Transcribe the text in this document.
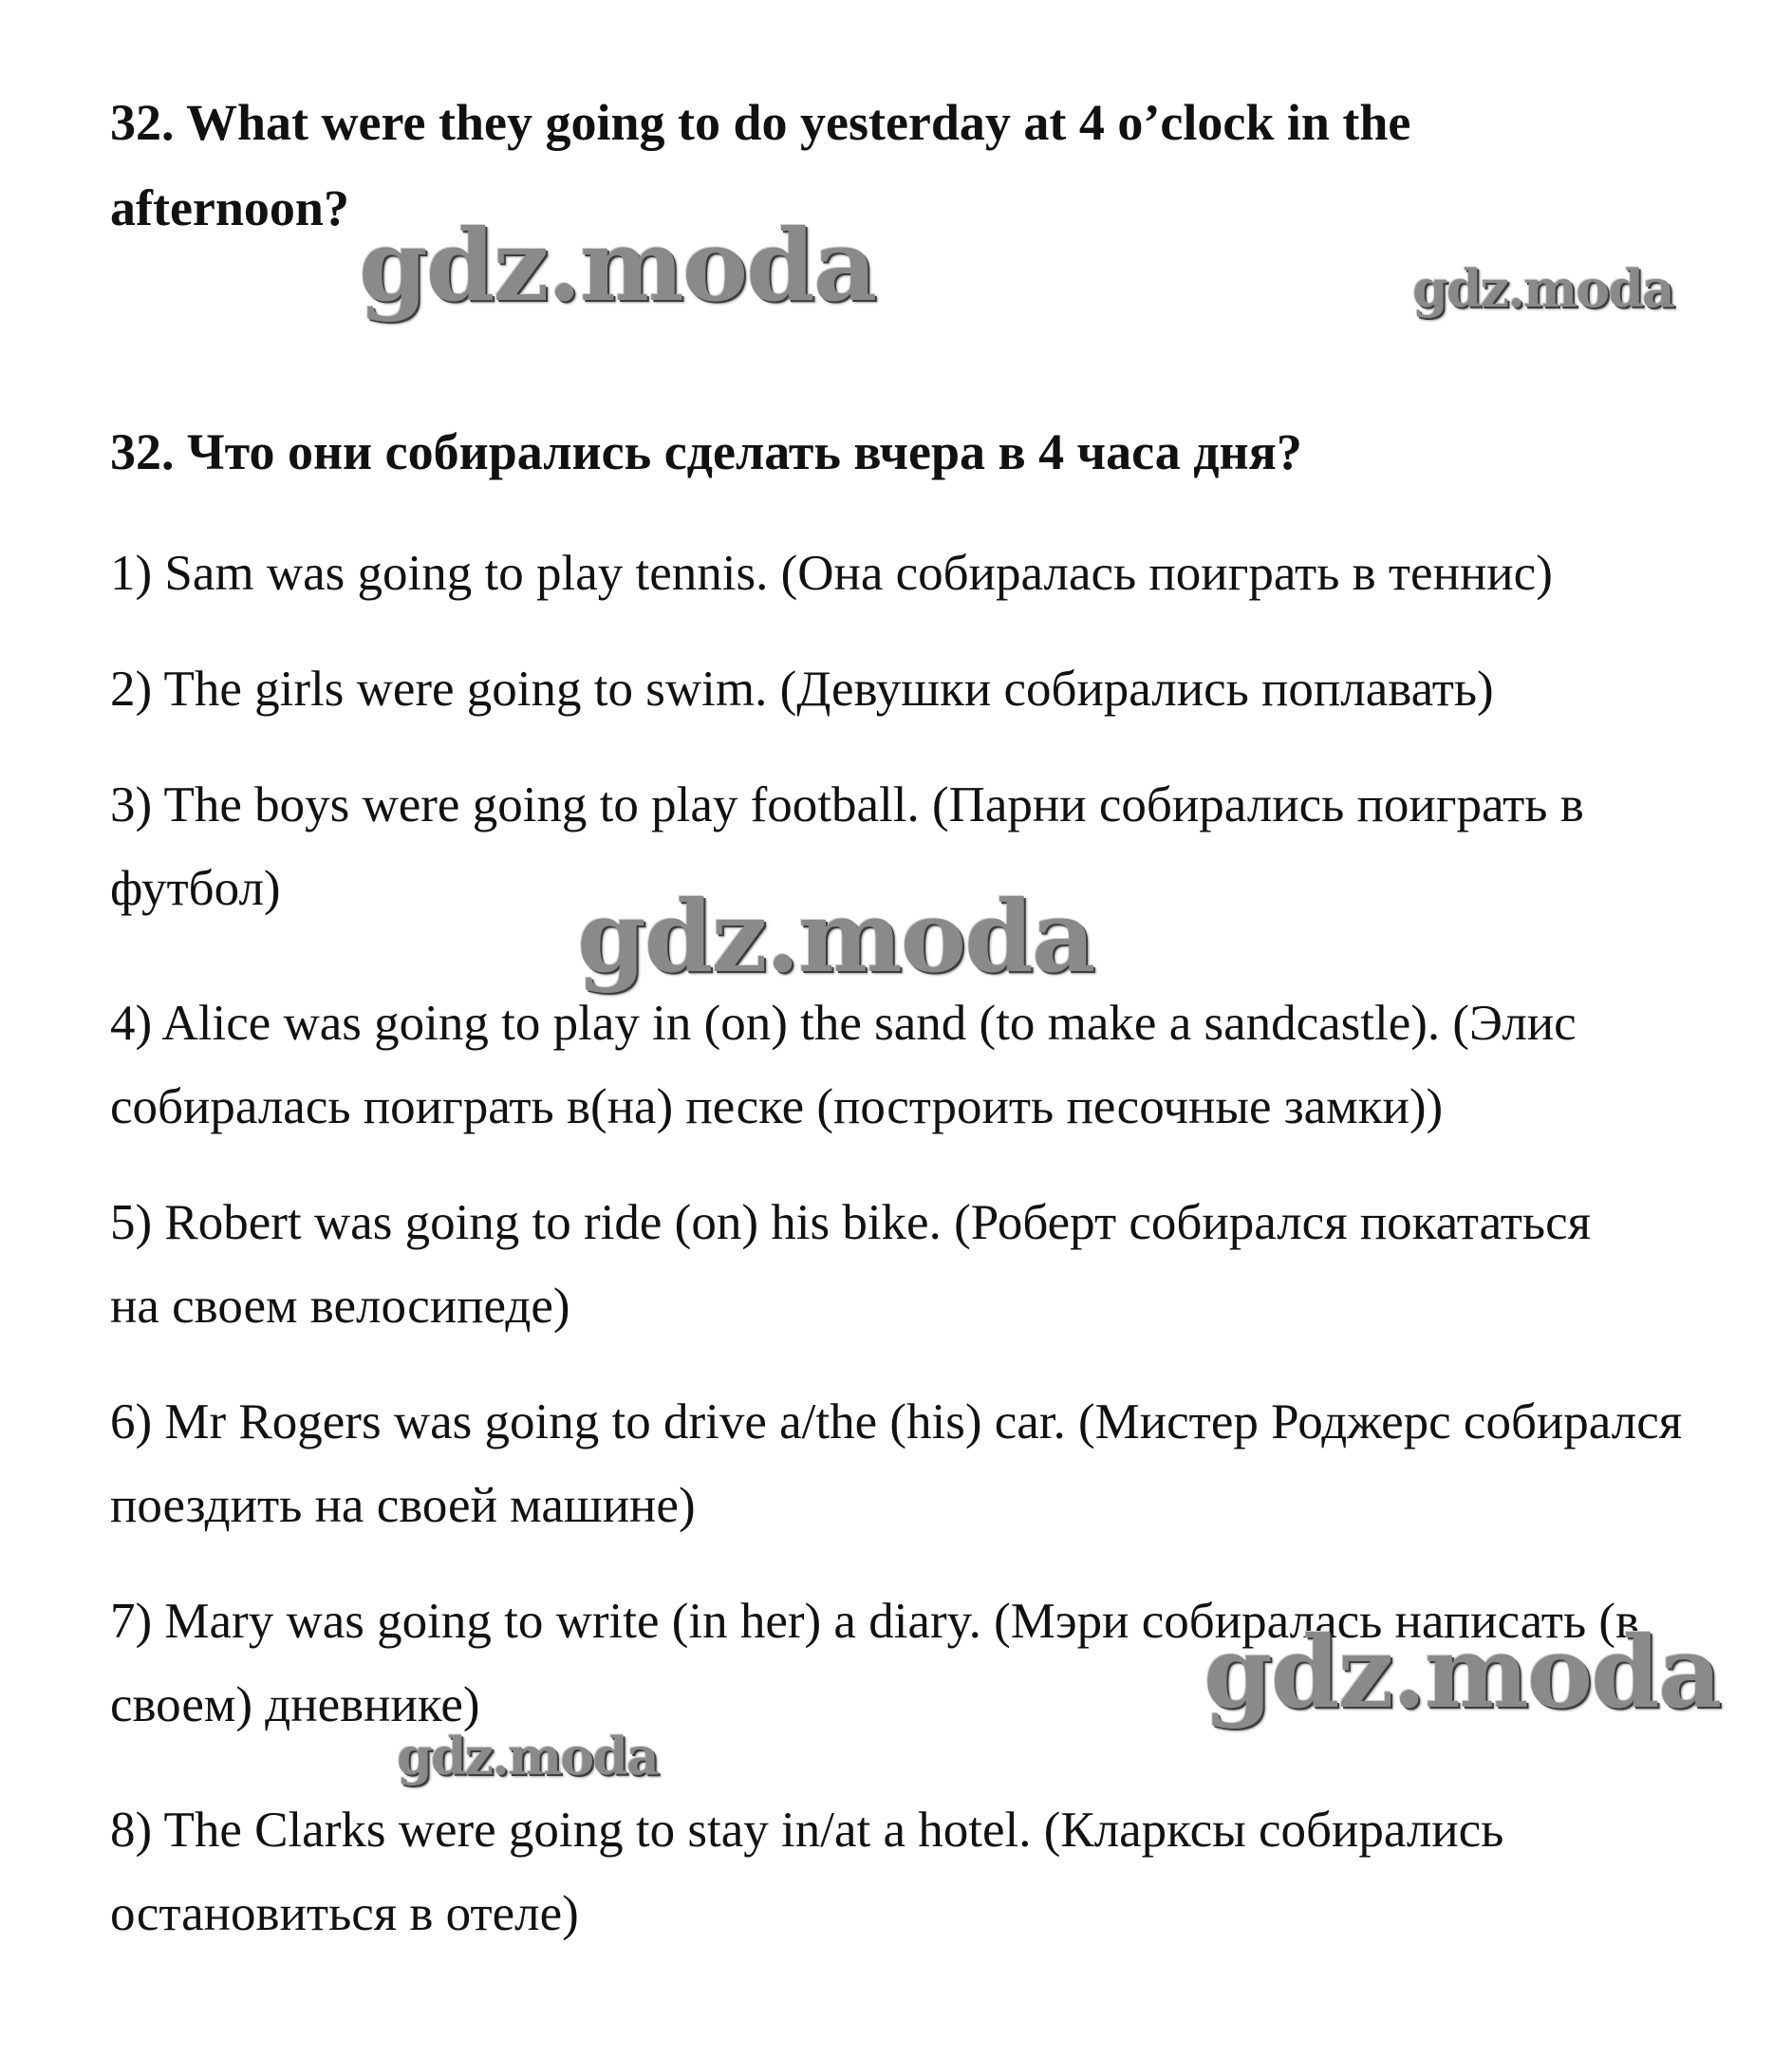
32. What were they going to do yesterday at 4 o’clock in the afternoon?
32. Что они собирались сделать вчера в 4 часа дня?
1) Sam was going to play tennis. (Она собиралась поиграть в теннис)
2) The girls were going to swim. (Девушки собирались поплавать)
3) The boys were going to play football. (Парни собирались поиграть в футбол)
4) Alice was going to play in (on) the sand (to make a sandcastle). (Элис собиралась поиграть в(на) песке (построить песочные замки))
5) Robert was going to ride (on) his bike. (Роберт собирался покататься на своем велосипеде)
6) Mr Rogers was going to drive a/the (his) car. (Мистер Роджерс собирался поездить на своей машине)
7) Mary was going to write (in her) a diary. (Мэри собиралась написать (в своем) дневнике)
8) The Clarks were going to stay in/at a hotel. (Кларксы собирались остановиться в отеле)
gdz.moda	gdz.moda
gdz.moda
gdz.moda
gdz.moda
